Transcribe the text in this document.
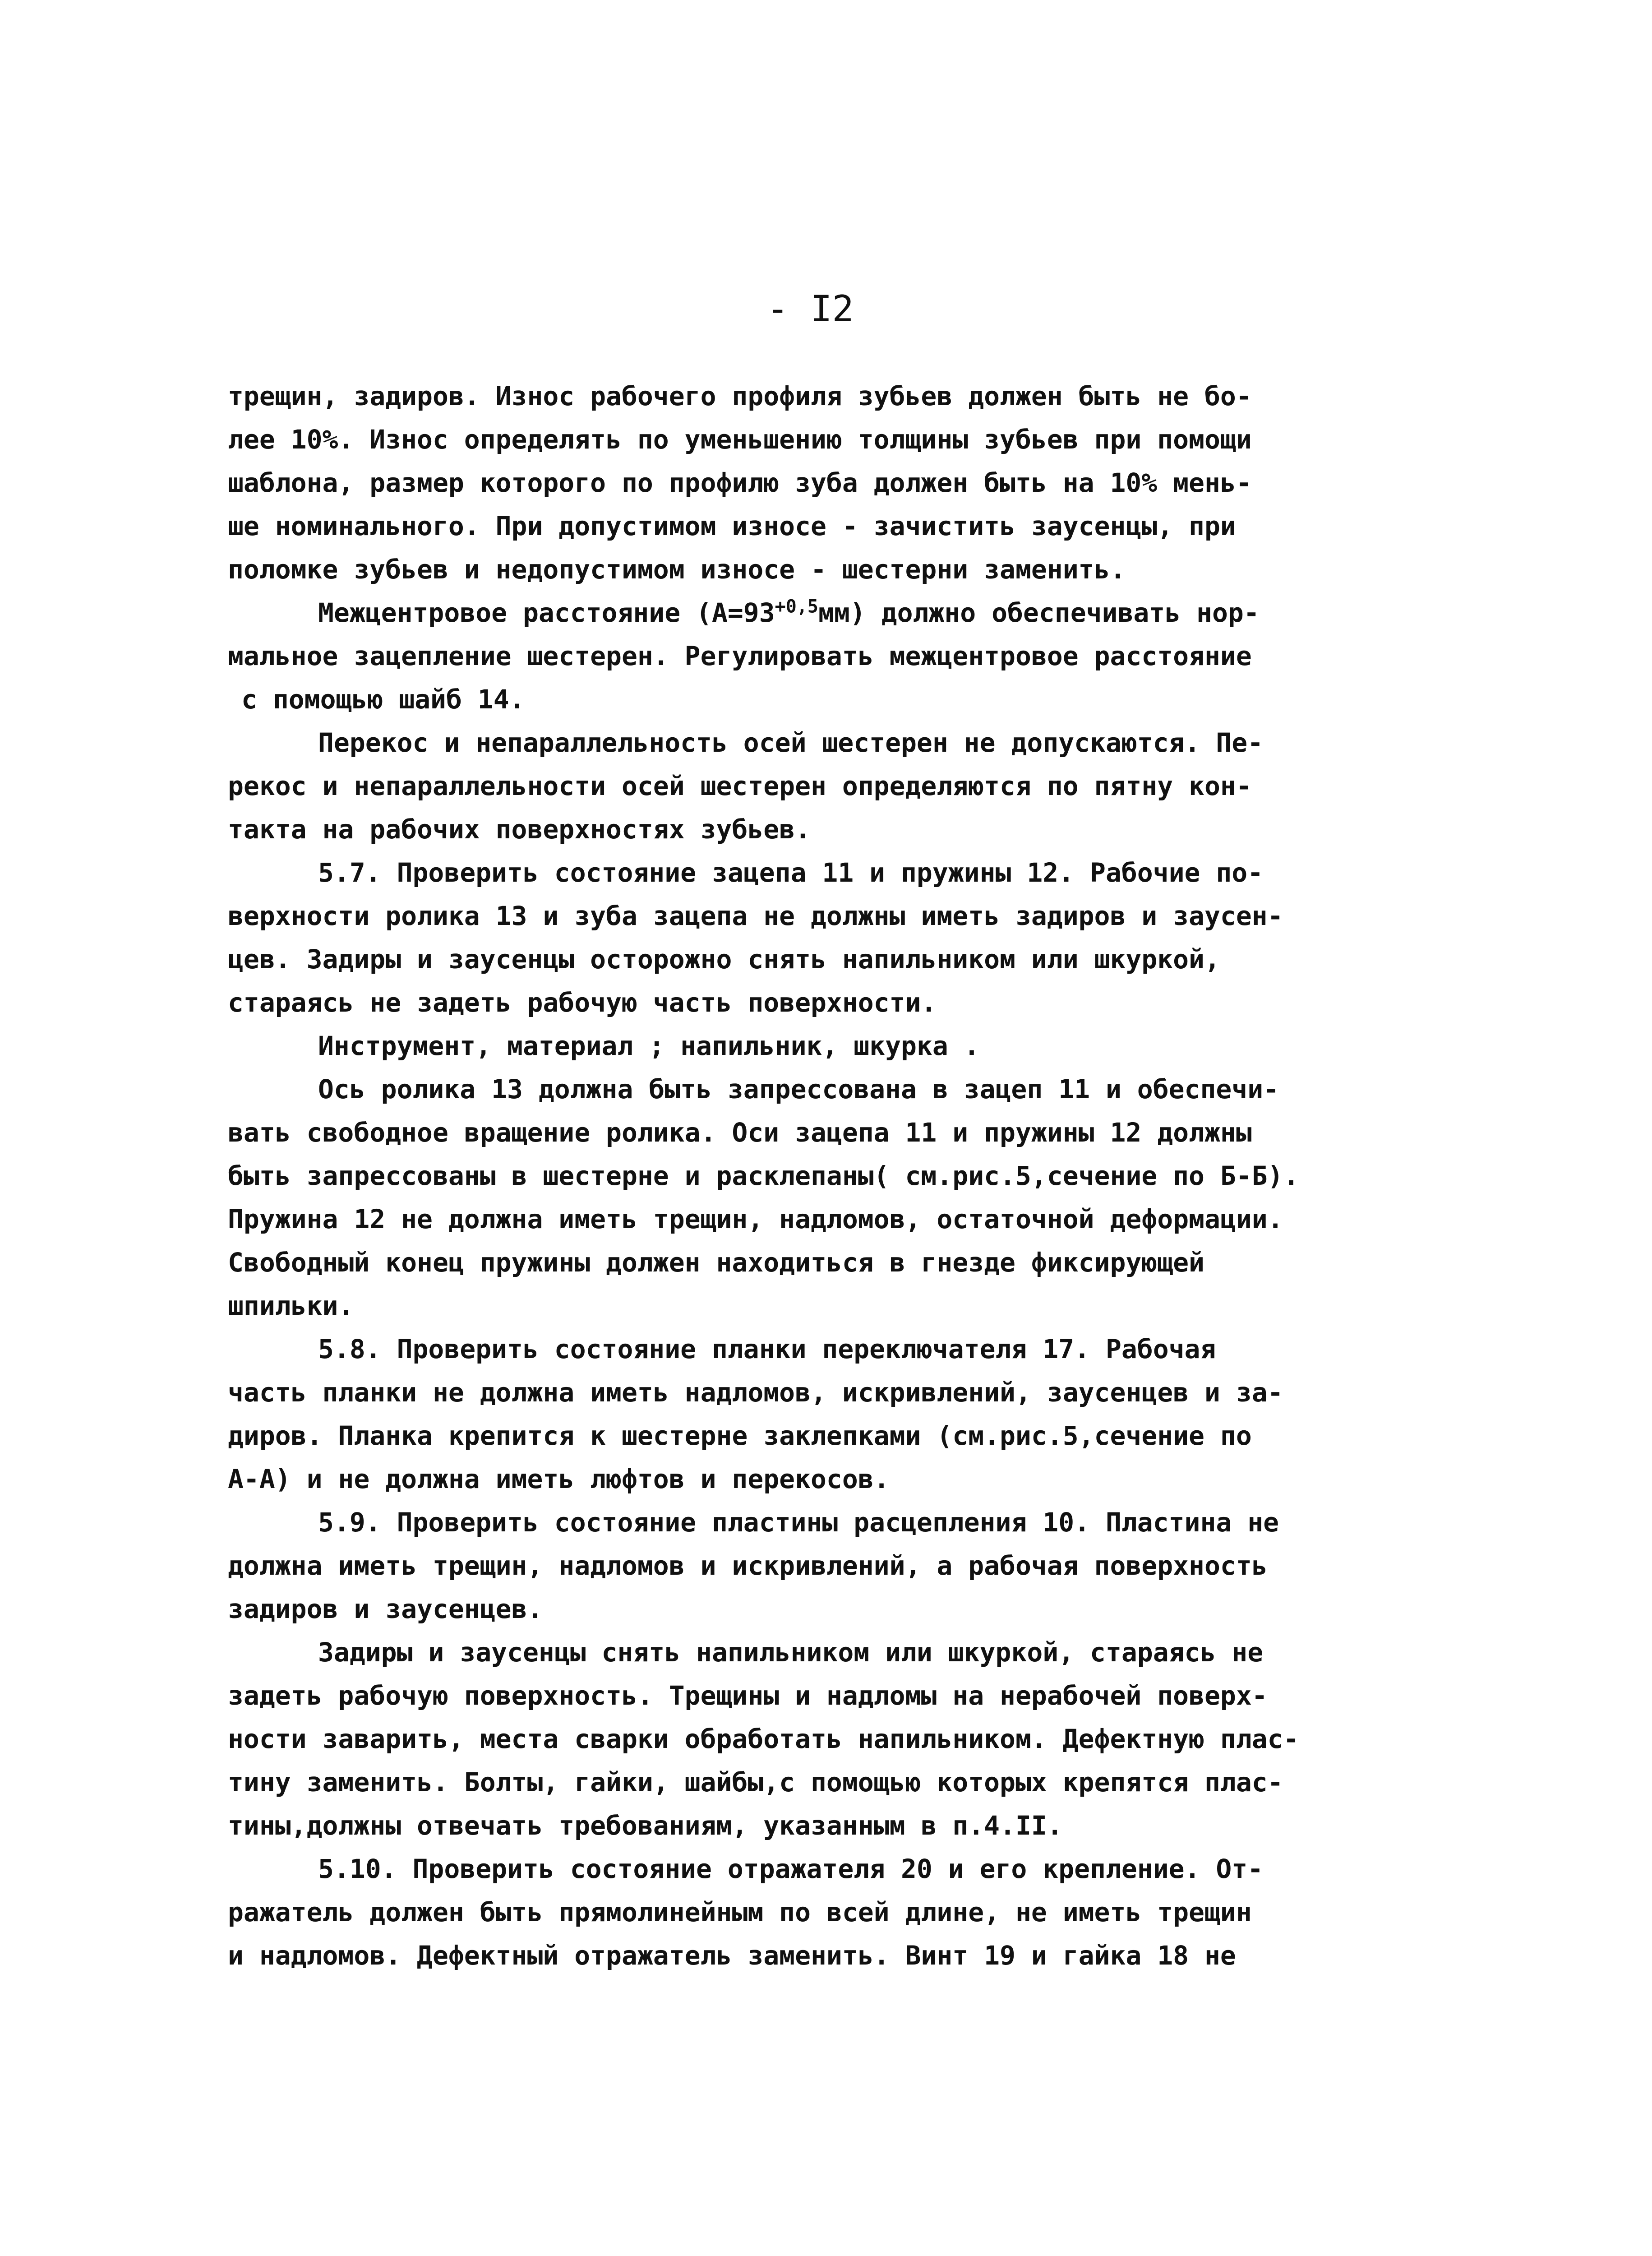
- I2
трещин, задиров. Износ рабочего профиля зубьев должен быть не бо-
лее 10%. Износ определять по уменьшению толщины зубьев при помощи
шаблона, размер которого по профилю зуба должен быть на 10% мень-
ше номинального. При допустимом износе - зачистить заусенцы, при
поломке зубьев и недопустимом износе - шестерни заменить.
Межцентровое расстояние $(А=93^{+0,5}мм)$ должно обеспечивать нор-
мальное зацепление шестерен. Регулировать межцентровое расстояние
с помощью шайб 14.
Перекос и непараллельность осей шестерен не допускаются. Пе-
рекос и непараллельности осей шестерен определяются по пятну кон-
такта на рабочих поверхностях зубьев.
5.7. Проверить состояние зацепа 11 и пружины 12. Рабочие по-
верхности ролика 13 и зуба зацепа не должны иметь задиров и заусен-
цев. Задиры и заусенцы осторожно снять напильником или шкуркой,
стараясь не задеть рабочую часть поверхности.
Инструмент, материал ; напильник, шкурка .
Ось ролика 13 должна быть запрессована в зацеп 11 и обеспечи-
вать свободное вращение ролика. Оси зацепа 11 и пружины 12 должны
быть запрессованы в шестерне и расклепаны( см.рис.5,сечение по Б-Б).
Пружина 12 не должна иметь трещин, надломов, остаточной деформации.
Свободный конец пружины должен находиться в гнезде фиксирующей
шпильки.
5.8. Проверить состояние планки переключателя 17. Рабочая
часть планки не должна иметь надломов, искривлений, заусенцев и за-
диров. Планка крепится к шестерне заклепками (см.рис.5,сечение по
А-А) и не должна иметь люфтов и перекосов.
5.9. Проверить состояние пластины расцепления 10. Пластина не
должна иметь трещин, надломов и искривлений, а рабочая поверхность
задиров и заусенцев.
Задиры и заусенцы снять напильником или шкуркой, стараясь не
задеть рабочую поверхность. Трещины и надломы на нерабочей поверх-
ности заварить, места сварки обработать напильником. Дефектную плас-
тину заменить. Болты, гайки, шайбы,с помощью которых крепятся плас-
тины,должны отвечать требованиям, указанным в п.4.II.
5.10. Проверить состояние отражателя 20 и его крепление. От-
ражатель должен быть прямолинейным по всей длине, не иметь трещин
и надломов. Дефектный отражатель заменить. Винт 19 и гайка 18 не
